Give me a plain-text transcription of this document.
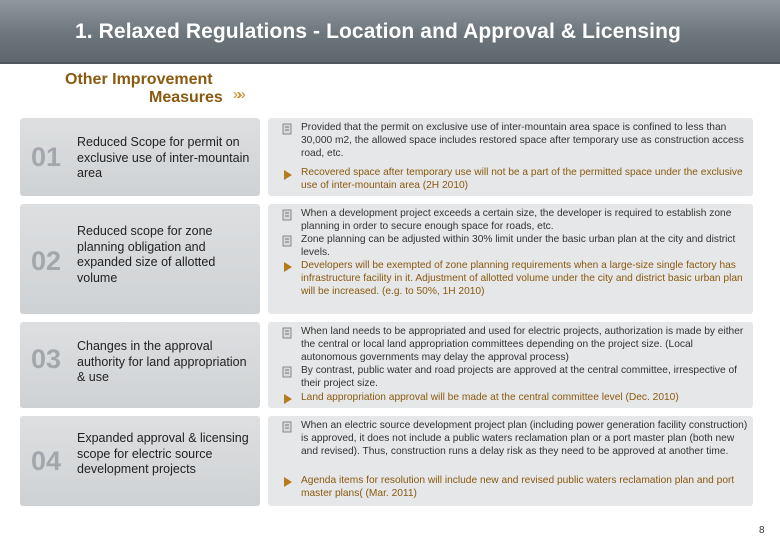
1. Relaxed Regulations - Location and Approval & Licensing
Other Improvement
Measures »»
01 Reduced Scope for permit on exclusive use of inter-mountain area
Provided that the permit on exclusive use of inter-mountain area space is confined to less than 30,000 m2, the allowed space includes restored space after temporary use as construction access road, etc.
Recovered space after temporary use will not be a part of the permitted space under the exclusive use of inter-mountain area (2H 2010)
02
Reduced scope for zone planning obligation and expanded size of allotted volume
When a development project exceeds a certain size, the developer is required to establish zone planning in order to secure enough space for roads, etc.
Zone planning can be adjusted within 30% limit under the basic urban plan at the city and district levels.
Developers will be exempted of zone planning requirements when a large-size single factory has infrastructure facility in it. Adjustment of allotted volume under the city and district basic urban plan will be increased. (e.g. to 50%, 1H 2010)
03 Changes in the approval authority for land appropriation & use
When land needs to be appropriated and used for electric projects, authorization is made by either the central or local land appropriation committees depending on the project size. (Local autonomous governments may delay the approval process)
By contrast, public water and road projects are approved at the central committee, irrespective of their project size.
Land appropriation approval will be made at the central committee level (Dec. 2010)
04
Expanded approval & licensing scope for electric source development projects
When an electric source development project plan (including power generation facility construction) is approved, it does not include a public waters reclamation plan or a port master plan (both new and revised). Thus, construction runs a delay risk as they need to be approved at another time.
Agenda items for resolution will include new and revised public waters reclamation plan and port master plans( (Mar. 2011)
8
